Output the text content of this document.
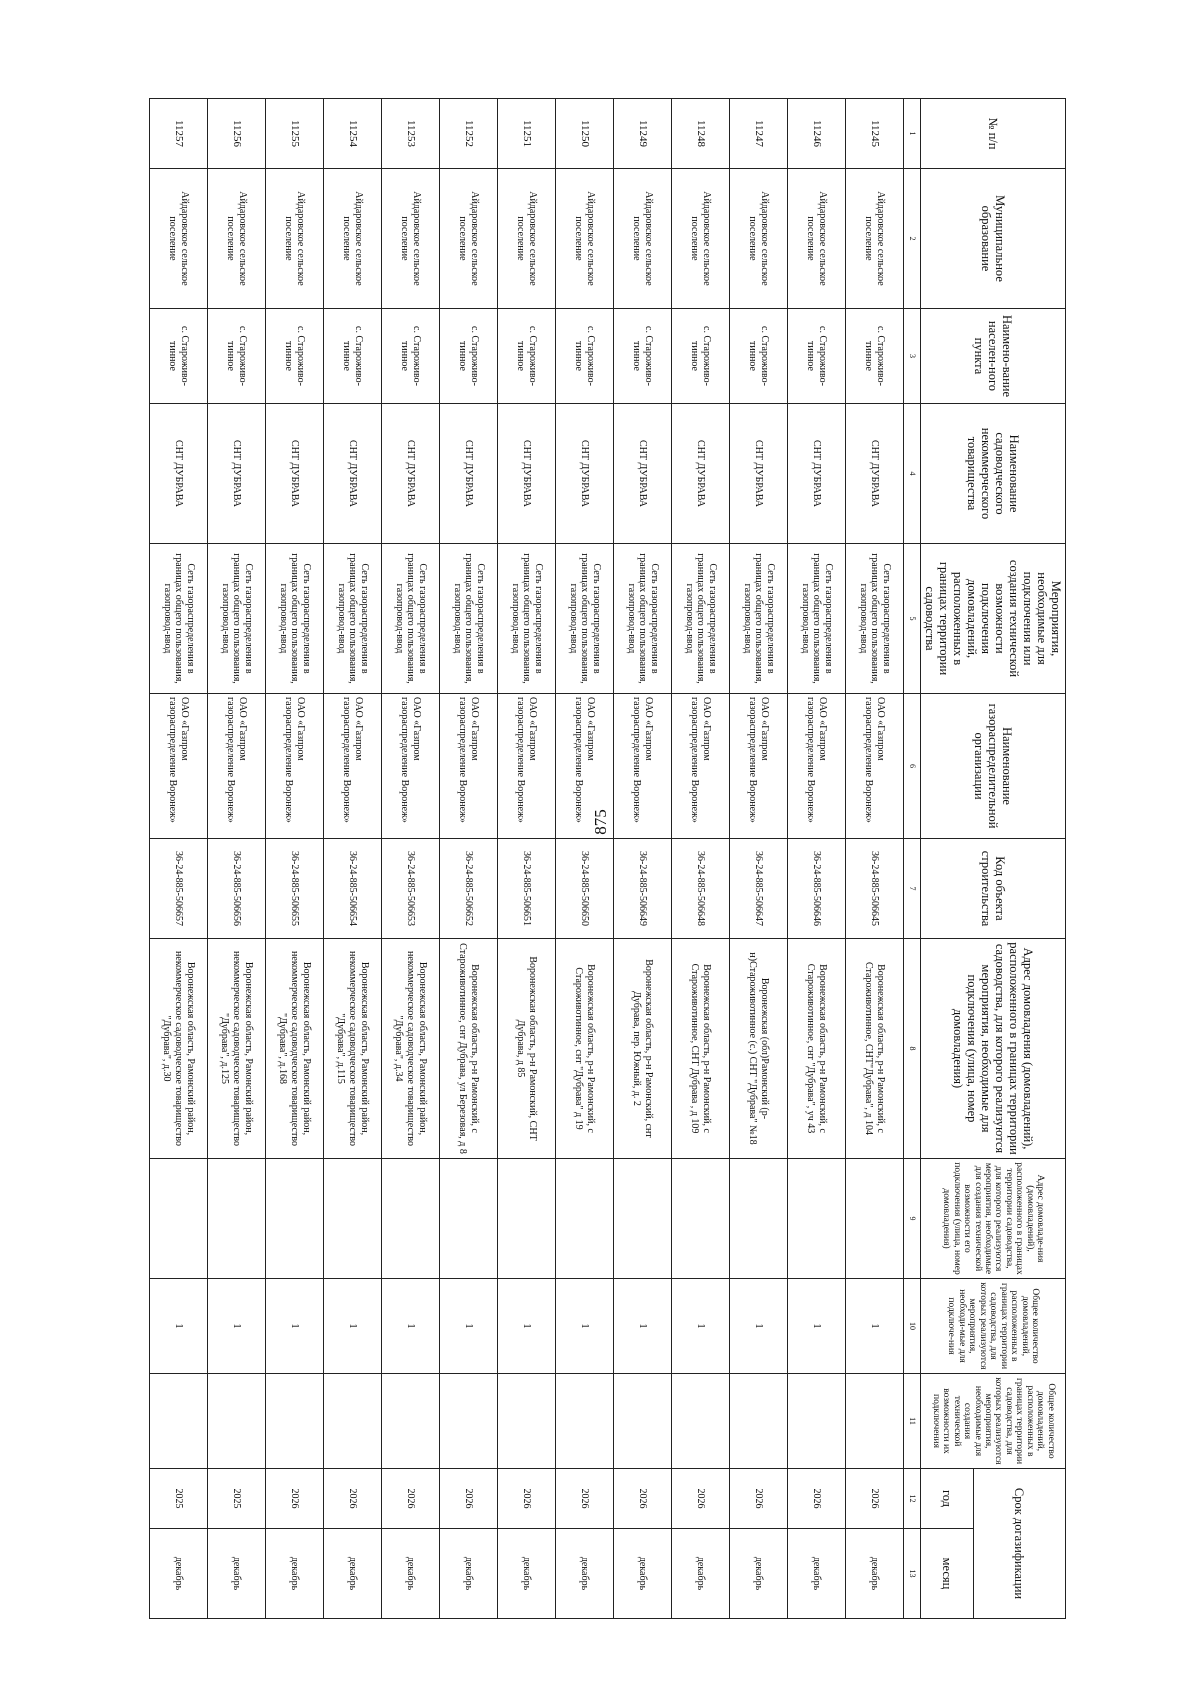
875
№ п/п	Муниципальное образование	Наимено-вание населен-ного пункта	Наименование садоводческого некоммерческого товарищества	Мероприятия, необходимые для подключения или создания технической возможности подключения домовладений, расположенных в границах территории садоводства	Наименование газораспределительной организации	Код объекта строительства	Адрес домовладения (домовладений), расположенного в границах территории садоводства, для которого реализуются мероприятия, необходимые для подключения (улица, номер домовладения)	Адрес домовладе-ния (домовладений), расположенного в границах территории садоводства, для которого реализуются мероприятия, необходимые для создания технической возможности его подключения (улица, номер домовладения)	Общее количество домовладений, расположенных в границах территории садоводства, для которых реализуются мероприятия, необходи-мые для подключе-ния	Общее количество домовладений, расположенных в границах территории садоводства, для которых реализуются мероприятия, необходимые для создания технической возможности их подключения	Срок догазификации	
											год	месяц
1	2	3	4	5	6	7	8	9	10	11	12	13
11245	Айдаровское сельское поселение	с. Староживо-тинное	СНТ ДУБРАВА	Сеть газораспределения в границах общего пользования, газопровод-ввод	ОАО «Газпром газораспределение Воронеж»	36-24-885-506645	Воронежская область, р-н Рамонский, с Староживотинное, СНТ"Дубрава", д 104		1		2026	декабрь
11246	Айдаровское сельское поселение	с. Староживо-тинное	СНТ ДУБРАВА	Сеть газораспределения в границах общего пользования, газопровод-ввод	ОАО «Газпром газораспределение Воронеж»	36-24-885-506646	Воронежская область, р-н Рамонский, с Староживотинное, снт "Дубрава", уч 43		1		2026	декабрь
11247	Айдаровское сельское поселение	с. Староживо-тинное	СНТ ДУБРАВА	Сеть газораспределения в границах общего пользования, газопровод-ввод	ОАО «Газпром газораспределение Воронеж»	36-24-885-506647	Воронежская (обл)Рамонский (р-н)Староживотинное (с.) СНТ "Дубрава" №18		1		2026	декабрь
11248	Айдаровское сельское поселение	с. Староживо-тинное	СНТ ДУБРАВА	Сеть газораспределения в границах общего пользования, газопровод-ввод	ОАО «Газпром газораспределение Воронеж»	36-24-885-506648	Воронежская область, р-н Рамонский, с Староживотинное, СНТ Дубрава , д 109		1		2026	декабрь
11249	Айдаровское сельское поселение	с. Староживо-тинное	СНТ ДУБРАВА	Сеть газораспределения в границах общего пользования, газопровод-ввод	ОАО «Газпром газораспределение Воронеж»	36-24-885-506649	Воронежская область, р-н Рамонский, снт Дубрава, пер. Южный, д. 2		1		2026	декабрь
11250	Айдаровское сельское поселение	с. Староживо-тинное	СНТ ДУБРАВА	Сеть газораспределения в границах общего пользования, газопровод-ввод	ОАО «Газпром газораспределение Воронеж»	36-24-885-506650	Воронежская область, р-н Рамонский, с Староживотинное, снт "Дубрава" д 19		1		2026	декабрь
11251	Айдаровское сельское поселение	с. Староживо-тинное	СНТ ДУБРАВА	Сеть газораспределения в границах общего пользования, газопровод-ввод	ОАО «Газпром газораспределение Воронеж»	36-24-885-506651	Воронежская область, р-н Рамонский, СНТ Дубрава, д 85		1		2026	декабрь
11252	Айдаровское сельское поселение	с. Староживо-тинное	СНТ ДУБРАВА	Сеть газораспределения в границах общего пользования, газопровод-ввод	ОАО «Газпром газораспределение Воронеж»	36-24-885-506652	Воронежская область, р-н Рамонский, с Староживотинное, снт Дубрава, ул Березовая, д 8		1		2026	декабрь
11253	Айдаровское сельское поселение	с. Староживо-тинное	СНТ ДУБРАВА	Сеть газораспределения в границах общего пользования, газопровод-ввод	ОАО «Газпром газораспределение Воронеж»	36-24-885-506653	Воронежская область, Рамонский район, некоммерческое садоводческое товарищество "Дубрава", д.34		1		2026	декабрь
11254	Айдаровское сельское поселение	с. Староживо-тинное	СНТ ДУБРАВА	Сеть газораспределения в границах общего пользования, газопровод-ввод	ОАО «Газпром газораспределение Воронеж»	36-24-885-506654	Воронежская область, Рамонский район, некоммерческое садоводческое товарищество "Дубрава", д.115		1		2026	декабрь
11255	Айдаровское сельское поселение	с. Староживо-тинное	СНТ ДУБРАВА	Сеть газораспределения в границах общего пользования, газопровод-ввод	ОАО «Газпром газораспределение Воронеж»	36-24-885-506655	Воронежская область, Рамонский район, некоммерческое садоводческое товарищество "Дубрава", д.168		1		2026	декабрь
11256	Айдаровское сельское поселение	с. Староживо-тинное	СНТ ДУБРАВА	Сеть газораспределения в границах общего пользования, газопровод-ввод	ОАО «Газпром газораспределение Воронеж»	36-24-885-506656	Воронежская область, Рамонский район, некоммерческое садоводческое товарищество "Дубрава", д.125		1		2025	декабрь
11257	Айдаровское сельское поселение	с. Староживо-тинное	СНТ ДУБРАВА	Сеть газораспределения в границах общего пользования, газопровод-ввод	ОАО «Газпром газораспределение Воронеж»	36-24-885-506657	Воронежская область, Рамонский район, некоммерческое садоводческое товарищество "Дубрава", д.30		1		2025	декабрь
